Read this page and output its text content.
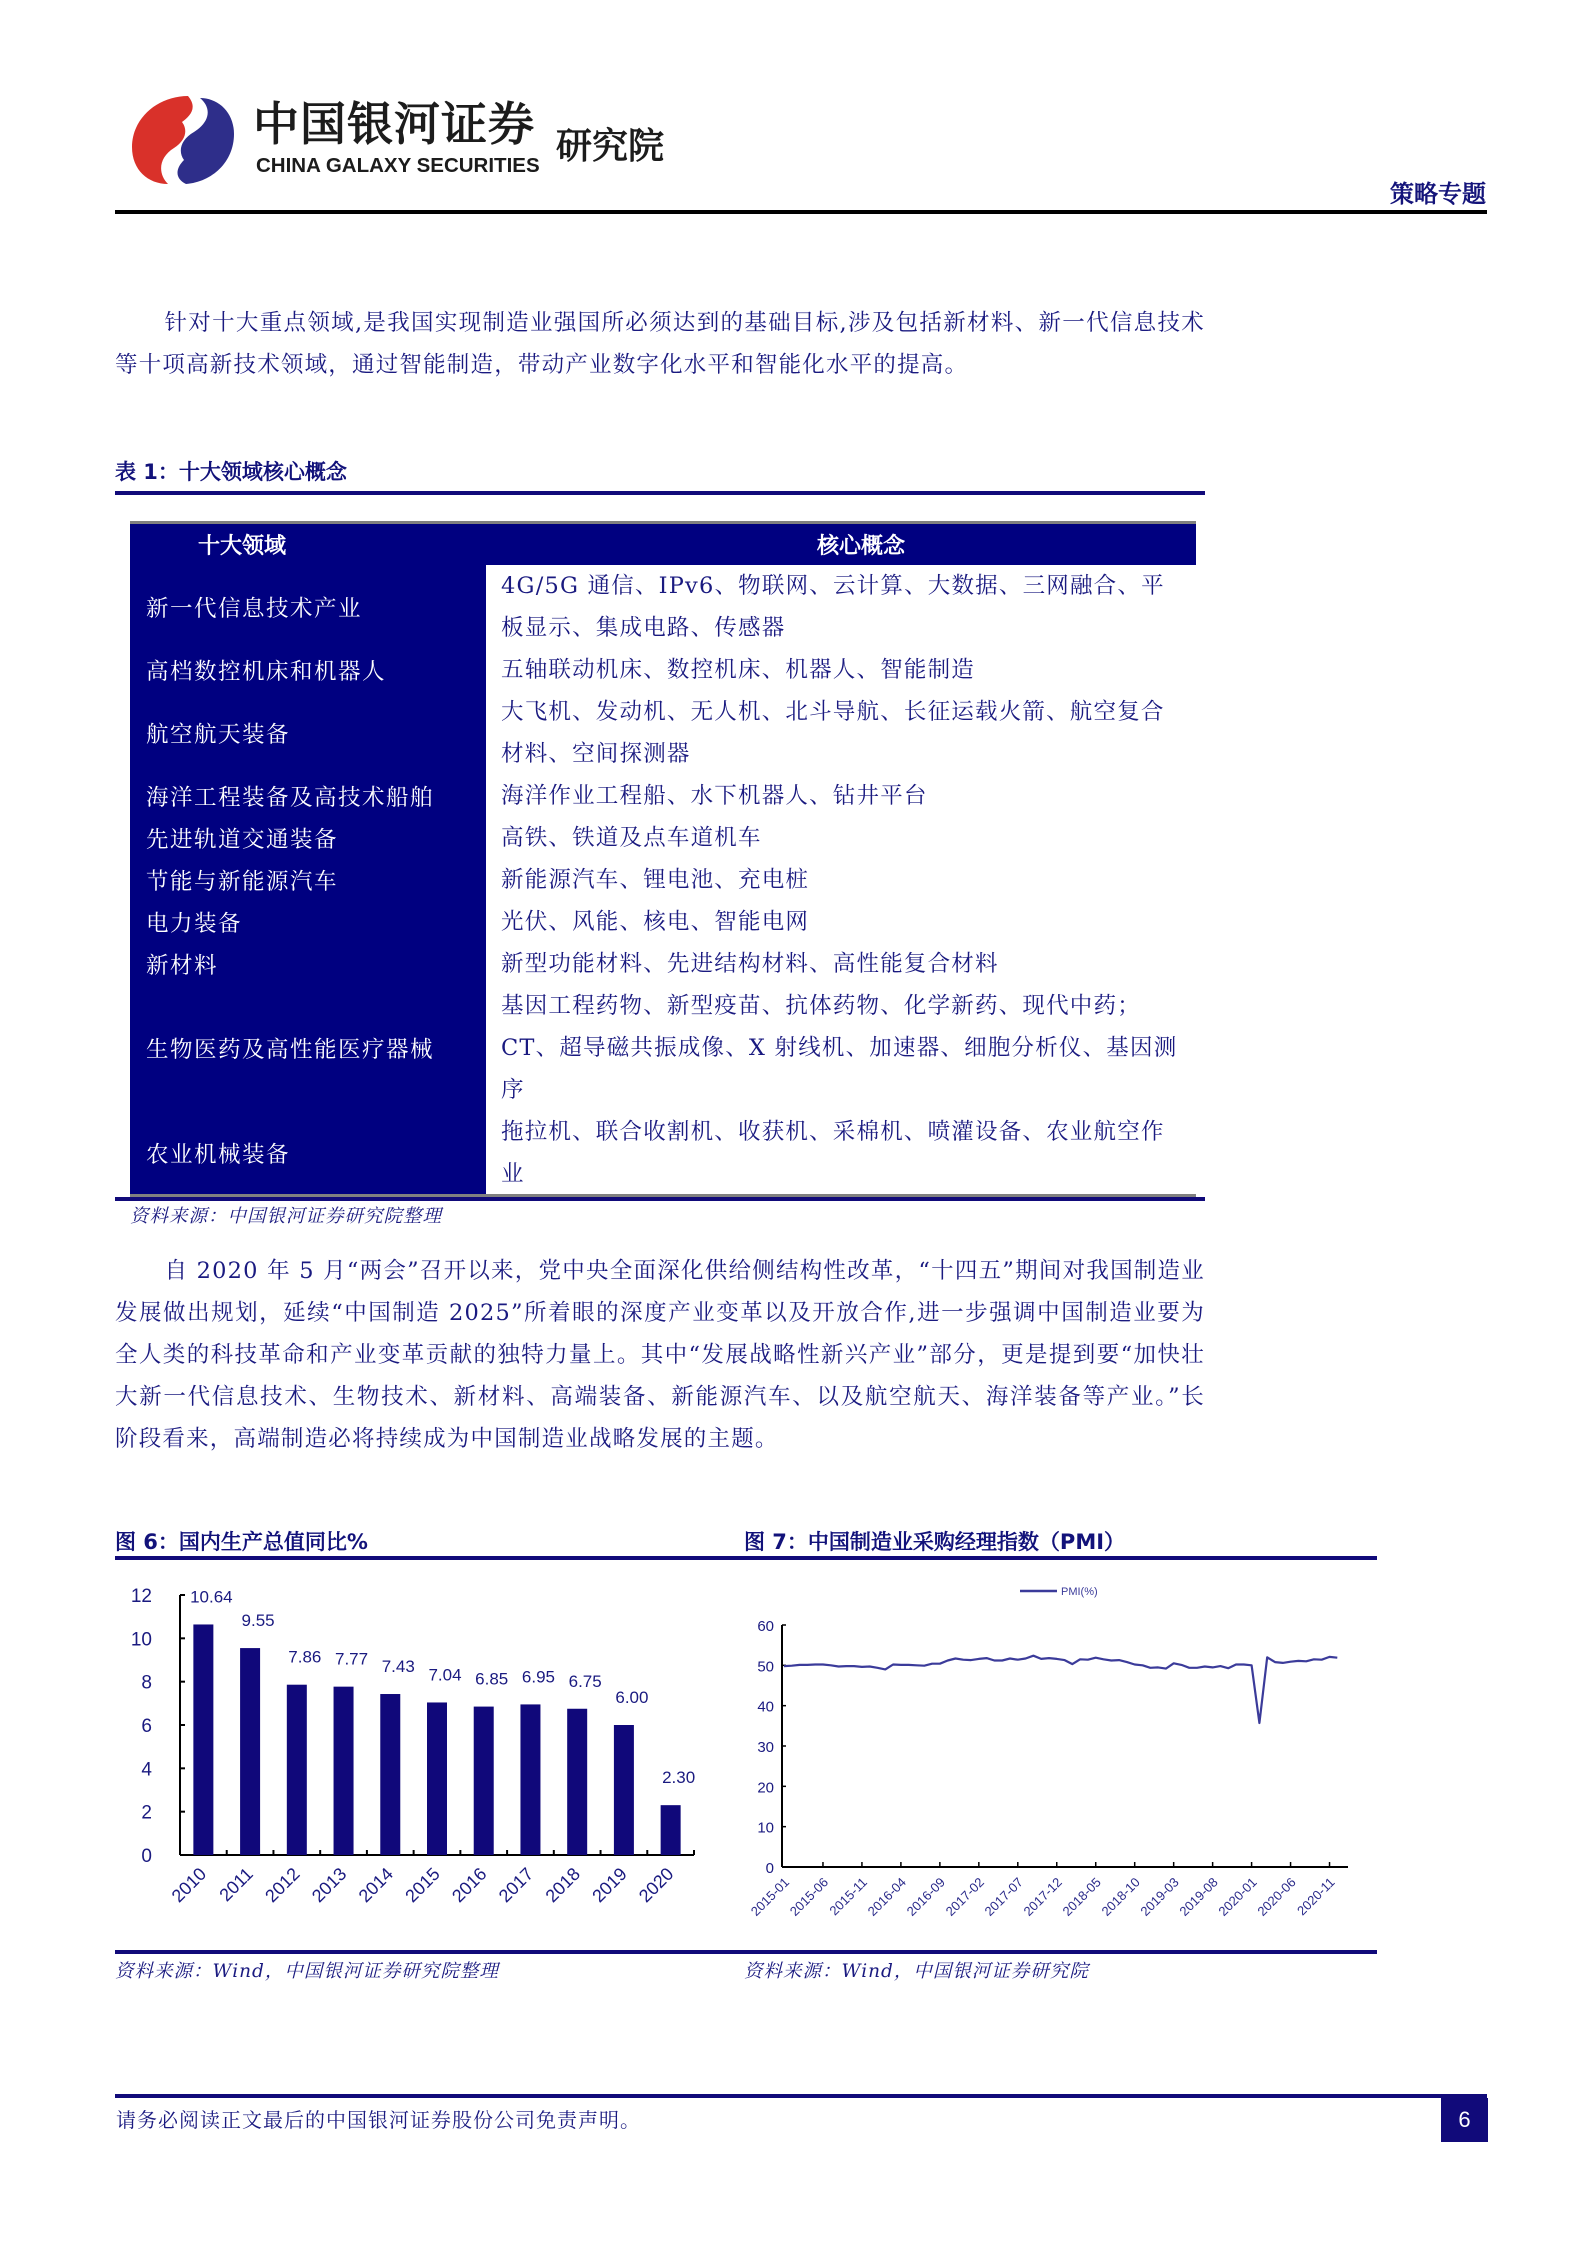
中国银河证券
CHINA GALAXY SECURITIES 研究院
策略专题

针对十大重点领域,是我国实现制造业强国所必须达到的基础目标,涉及包括新材料、新一代信息技术等十项高新技术领域，通过智能制造，带动产业数字化水平和智能化水平的提高。

表 1：十大领域核心概念
十大领域	核心概念
新一代信息技术产业	4G/5G 通信、IPv6、物联网、云计算、大数据、三网融合、平板显示、集成电路、传感器
高档数控机床和机器人	五轴联动机床、数控机床、机器人、智能制造
航空航天装备	大飞机、发动机、无人机、北斗导航、长征运载火箭、航空复合材料、空间探测器
海洋工程装备及高技术船舶	海洋作业工程船、水下机器人、钻井平台
先进轨道交通装备	高铁、铁道及点车道机车
节能与新能源汽车	新能源汽车、锂电池、充电桩
电力装备	光伏、风能、核电、智能电网
新材料	新型功能材料、先进结构材料、高性能复合材料
生物医药及高性能医疗器械	基因工程药物、新型疫苗、抗体药物、化学新药、现代中药；CT、超导磁共振成像、X 射线机、加速器、细胞分析仪、基因测序
农业机械装备	拖拉机、联合收割机、收获机、采棉机、喷灌设备、农业航空作业
资料来源：中国银河证券研究院整理

自 2020 年 5 月“两会”召开以来，党中央全面深化供给侧结构性改革，“十四五”期间对我国制造业发展做出规划，延续“中国制造 2025”所着眼的深度产业变革以及开放合作,进一步强调中国制造业要为全人类的科技革命和产业变革贡献的独特力量上。其中“发展战略性新兴产业”部分，更是提到要“加快壮大新一代信息技术、生物技术、新材料、高端装备、新能源汽车、以及航空航天、海洋装备等产业。”长阶段看来，高端制造必将持续成为中国制造业战略发展的主题。

图 6：国内生产总值同比%	图 7：中国制造业采购经理指数（PMI）
0
2
4
6
8
10
12 10.64
2010
9.55
2011
7.86
2012
7.77
2013
7.43
2014
7.04
2015
6.85
2016
6.95
2017
6.75
2018
6.00
2019
2.30
2020
PMI(%)
0
10
20
30
40
50
60
2015-01
2015-06
2015-11
2016-04
2016-09
2017-02
2017-07
2017-12
2018-05
2018-10
2019-03
2019-08
2020-01
2020-06
2020-11
资料来源：Wind，中国银河证券研究院整理	资料来源：Wind，中国银河证券研究院
请务必阅读正文最后的中国银河证券股份公司免责声明。	6
